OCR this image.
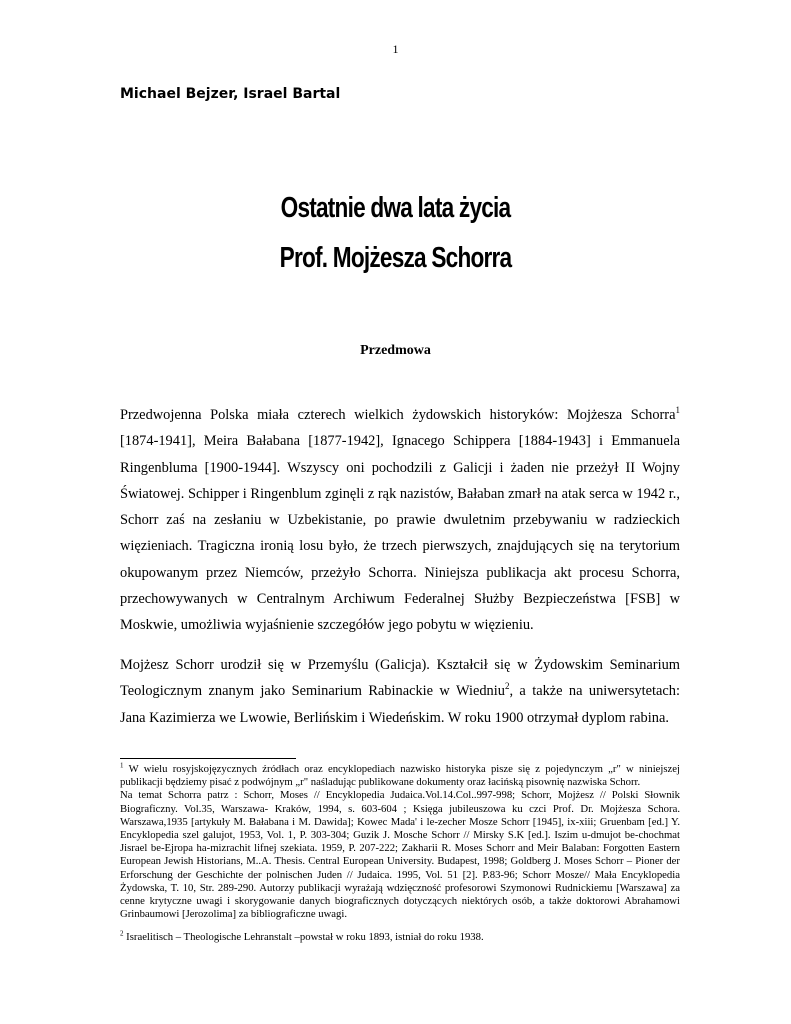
1
Michael Bejzer, Israel Bartal
Ostatnie dwa lata życia
Prof. Mojżesza Schorra
Przedmowa

Przedwojenna Polska miała czterech wielkich żydowskich historyków: Mojżesza Schorra$^1$ [1874-1941], Meira Bałabana [1877-1942], Ignacego Schippera [1884-1943] i Emmanuela Ringenbluma [1900-1944]. Wszyscy oni pochodzili z Galicji i żaden nie przeżył II Wojny Światowej. Schipper i Ringenblum zginęli z rąk nazistów, Bałaban zmarł na atak serca w 1942 r., Schorr zaś na zesłaniu w Uzbekistanie, po prawie dwuletnim przebywaniu w radzieckich więzieniach. Tragiczna ironią losu było, że trzech pierwszych, znajdujących się na terytorium okupowanym przez Niemców, przeżyło Schorra. Niniejsza publikacja akt procesu Schorra, przechowywanych w Centralnym Archiwum Federalnej Służby Bezpieczeństwa [FSB] w Moskwie, umożliwia wyjaśnienie szczegółów jego pobytu w więzieniu.

Mojżesz Schorr urodził się w Przemyślu (Galicja). Kształcił się w Żydowskim Seminarium Teologicznym znanym jako Seminarium Rabinackie w Wiedniu$^2$, a także na uniwersytetach: Jana Kazimierza we Lwowie, Berlińskim i Wiedeńskim. W roku 1900 otrzymał dyplom rabina.

$^1$ W wielu rosyjskojęzycznych źródłach oraz encyklopediach nazwisko historyka pisze się z pojedynczym „r" w niniejszej publikacji będziemy pisać z podwójnym „r" naśladując publikowane dokumenty oraz łacińską pisownię nazwiska Schorr.

Na temat Schorra patrz : Schorr, Moses // Encyklopedia Judaica.Vol.14.Col..997-998; Schorr, Mojżesz // Polski Słownik Biograficzny. Vol.35, Warszawa- Kraków, 1994, s. 603-604 ; Księga jubileuszowa ku czci Prof. Dr. Mojżesza Schora. Warszawa,1935 [artykuły M. Bałabana i M. Dawida]; Kowec Mada' i le-zecher Mosze Schorr [1945], ix-xiii; Gruenbam [ed.] Y. Encyklopedia szel galujot, 1953, Vol. 1, P. 303-304; Guzik J. Mosche Schorr // Mirsky S.K [ed.]. Iszim u-dmujot be-chochmat Jisrael be-Ejropa ha-mizrachit lifnej szekiata. 1959, P. 207-222; Zakharii R. Moses Schorr and Meir Balaban: Forgotten Eastern European Jewish Historians, M..A. Thesis. Central European University. Budapest, 1998; Goldberg J. Moses Schorr – Pioner der Erforschung der Geschichte der polnischen Juden // Judaica. 1995, Vol. 51 [2]. P.83-96; Schorr Mosze// Mała Encyklopedia Żydowska, T. 10, Str. 289-290. Autorzy publikacji wyrażają wdzięczność profesorowi Szymonowi Rudnickiemu [Warszawa] za cenne krytyczne uwagi i skorygowanie danych biograficznych dotyczących niektórych osób, a także doktorowi Abrahamowi Grinbaumowi [Jerozolima] za bibliograficzne uwagi.

$^2$ Israelitisch – Theologische Lehranstalt –powstał w roku 1893, istniał do roku 1938.
